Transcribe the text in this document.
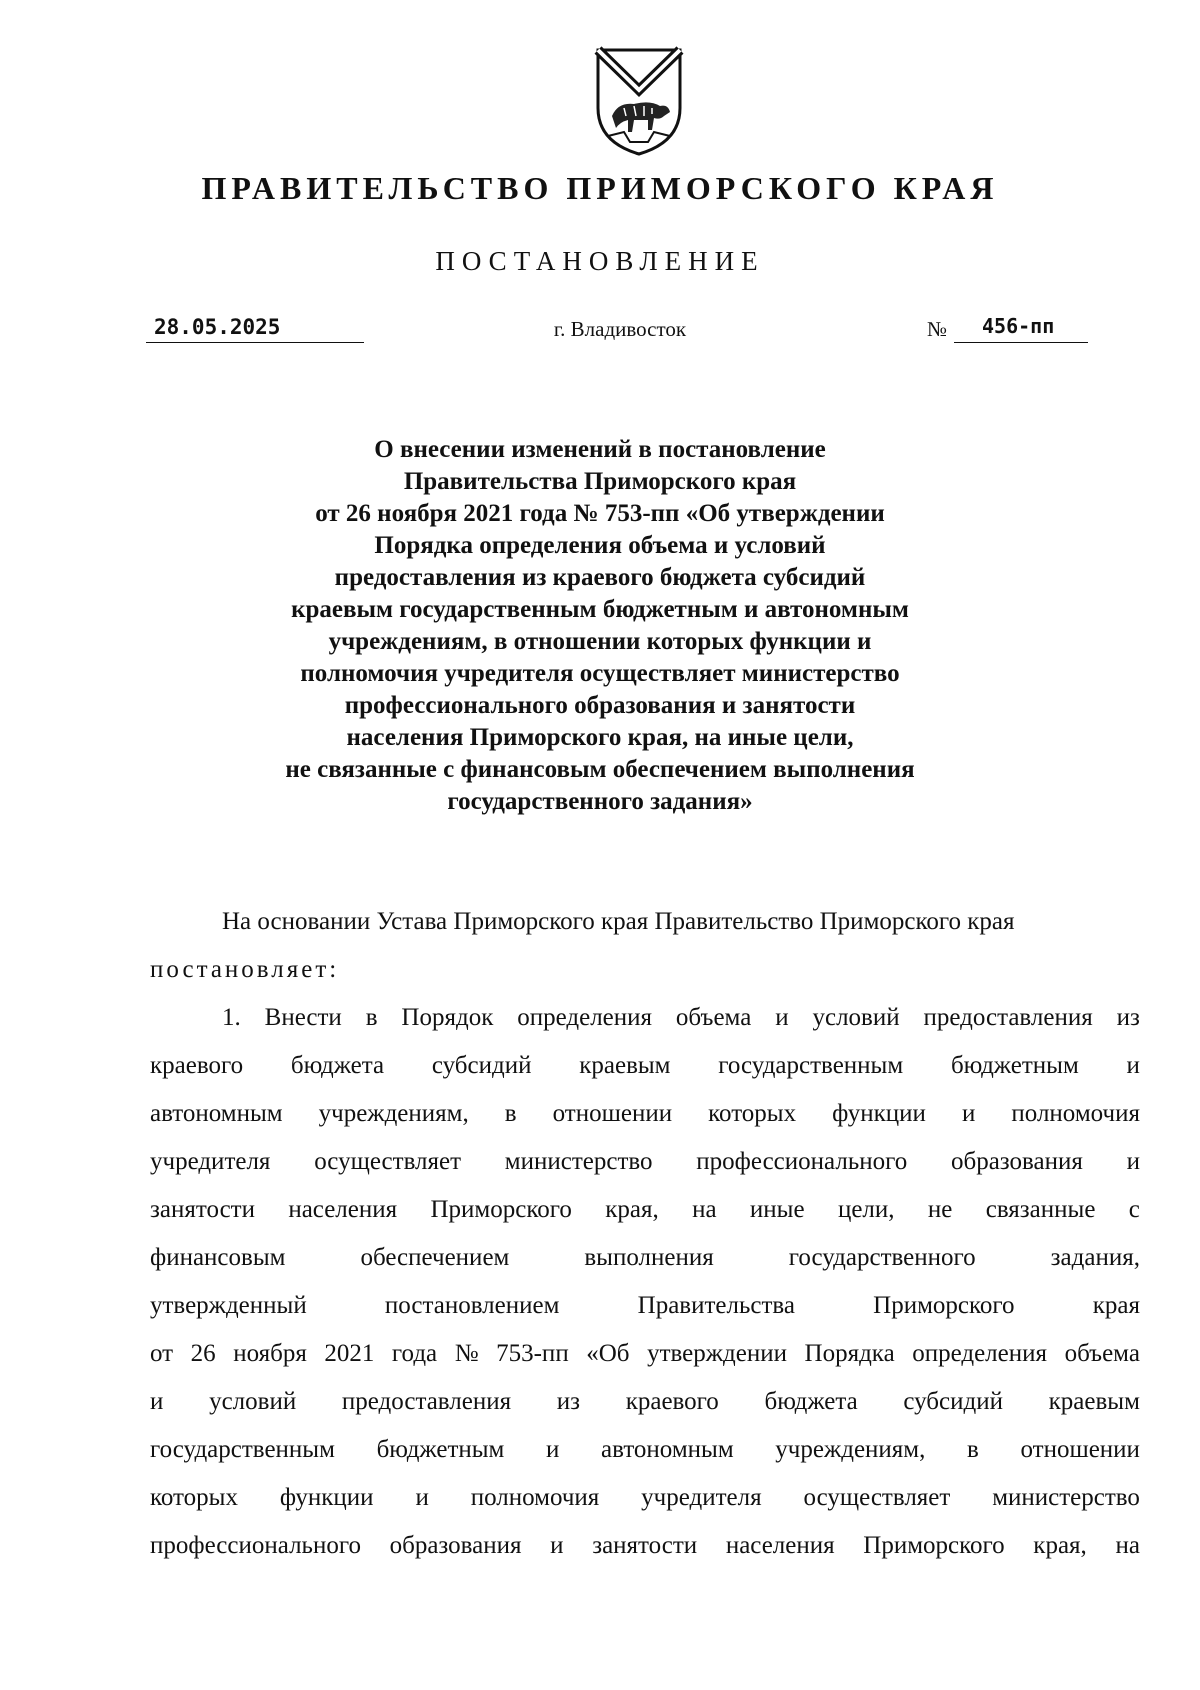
ПРАВИТЕЛЬСТВО ПРИМОРСКОГО КРАЯ
ПОСТАНОВЛЕНИЕ
28.05.2025	г. Владивосток	№	456-пп
О внесении изменений в постановление
Правительства Приморского края
от 26 ноября 2021 года № 753-пп «Об утверждении
Порядка определения объема и условий
предоставления из краевого бюджета субсидий
краевым государственным бюджетным и автономным
учреждениям, в отношении которых функции и
полномочия учредителя осуществляет министерство
профессионального образования и занятости
населения Приморского края, на иные цели,
не связанные с финансовым обеспечением выполнения
государственного задания»
На основании Устава Приморского края Правительство Приморского края
постановляет:
1. Внести в Порядок определения объема и условий предоставления из
краевого бюджета субсидий краевым государственным бюджетным и
автономным учреждениям, в отношении которых функции и полномочия
учредителя осуществляет министерство профессионального образования и
занятости населения Приморского края, на иные цели, не связанные с
финансовым	обеспечением	выполнения	государственного	задания,
утвержденный	постановлением	Правительства	Приморского	края
от 26 ноября 2021 года № 753-пп «Об утверждении Порядка определения объема
и условий предоставления из краевого бюджета субсидий краевым
государственным бюджетным и автономным учреждениям, в отношении
которых функции и полномочия учредителя осуществляет министерство
профессионального образования и занятости населения Приморского края, на
